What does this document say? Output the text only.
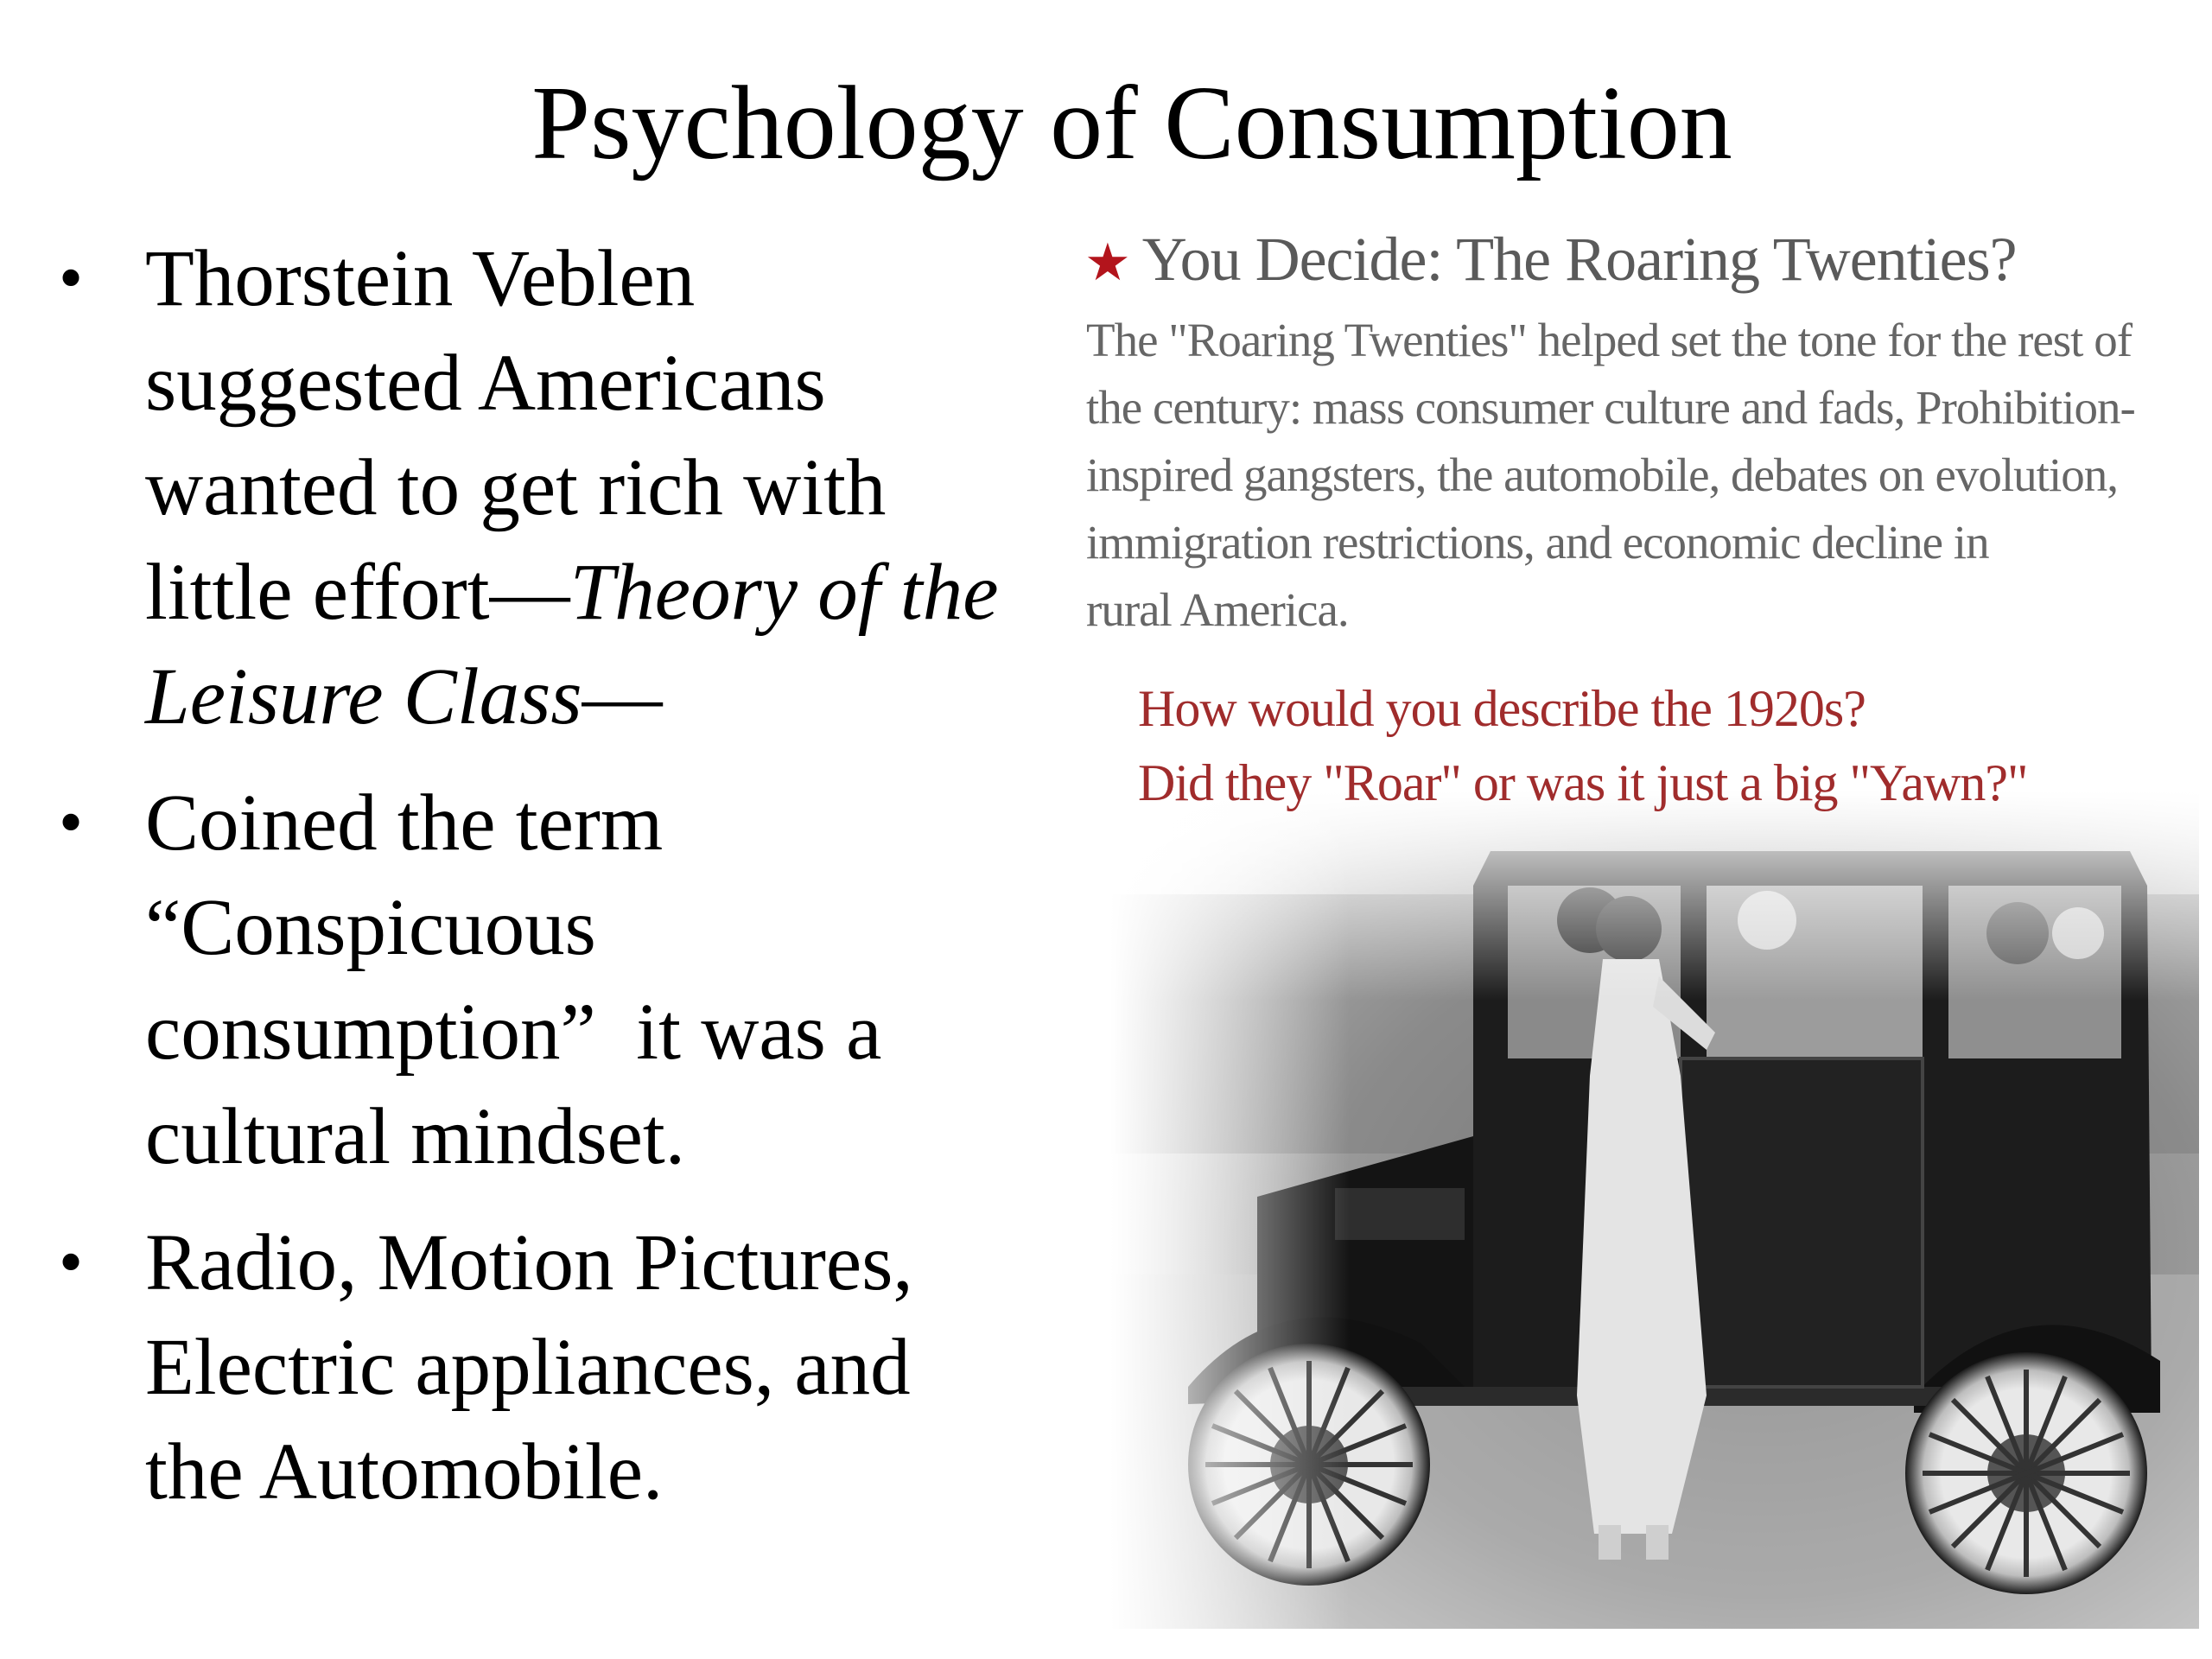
Psychology of Consumption
• Thorstein Veblen
suggested Americans
wanted to get rich with
little effort—Theory of the
Leisure Class—
• Coined the term
“Conspicuous
consumption”  it was a
cultural mindset.
• Radio, Motion Pictures,
Electric appliances, and
the Automobile.
★ You Decide: The Roaring Twenties?
The "Roaring Twenties" helped set the tone for the rest of
the century: mass consumer culture and fads, Prohibition-
inspired gangsters, the automobile, debates on evolution,
immigration restrictions, and economic decline in
rural America.
How would you describe the 1920s?
Did they "Roar" or was it just a big "Yawn?"
